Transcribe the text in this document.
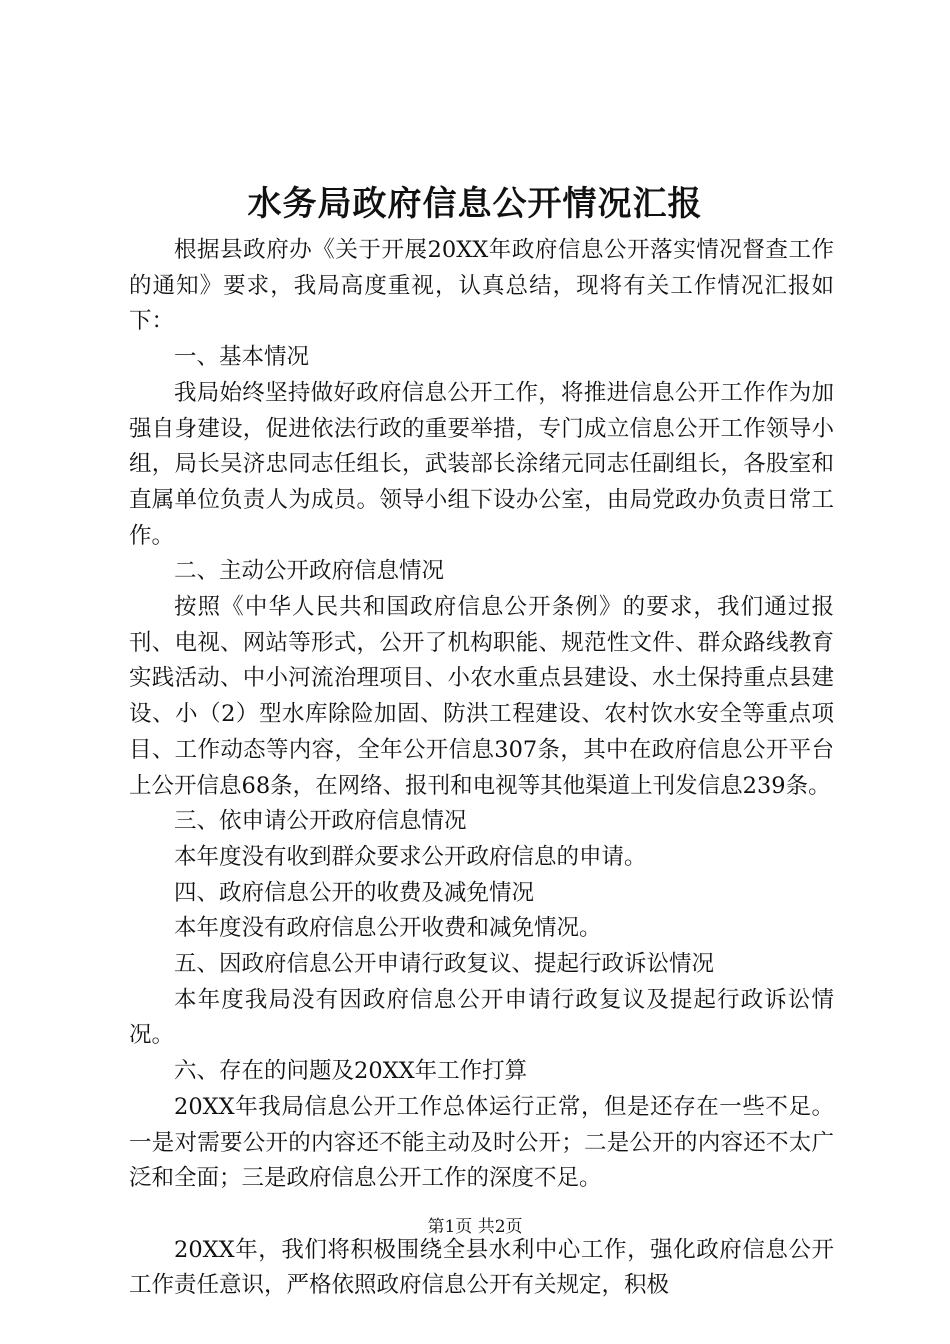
水务局政府信息公开情况汇报

根据县政府办《关于开展20XX年政府信息公开落实情况督查工作的通知》要求，我局高度重视，认真总结，现将有关工作情况汇报如下：

一、基本情况

我局始终坚持做好政府信息公开工作，将推进信息公开工作作为加强自身建设，促进依法行政的重要举措，专门成立信息公开工作领导小组，局长吴济忠同志任组长，武装部长涂绪元同志任副组长，各股室和直属单位负责人为成员。领导小组下设办公室，由局党政办负责日常工作。

二、主动公开政府信息情况

按照《中华人民共和国政府信息公开条例》的要求，我们通过报刊、电视、网站等形式，公开了机构职能、规范性文件、群众路线教育实践活动、中小河流治理项目、小农水重点县建设、水土保持重点县建设、小（2）型水库除险加固、防洪工程建设、农村饮水安全等重点项目、工作动态等内容，全年公开信息307条，其中在政府信息公开平台上公开信息68条，在网络、报刊和电视等其他渠道上刊发信息239条。

三、依申请公开政府信息情况

本年度没有收到群众要求公开政府信息的申请。

四、政府信息公开的收费及减免情况

本年度没有政府信息公开收费和减免情况。

五、因政府信息公开申请行政复议、提起行政诉讼情况

本年度我局没有因政府信息公开申请行政复议及提起行政诉讼情况。

六、存在的问题及20XX年工作打算

20XX年我局信息公开工作总体运行正常，但是还存在一些不足。一是对需要公开的内容还不能主动及时公开；二是公开的内容还不太广泛和全面；三是政府信息公开工作的深度不足。

20XX年，我们将积极围绕全县水利中心工作，强化政府信息公开工作责任意识，严格依照政府信息公开有关规定，积极

第1页 共2页
